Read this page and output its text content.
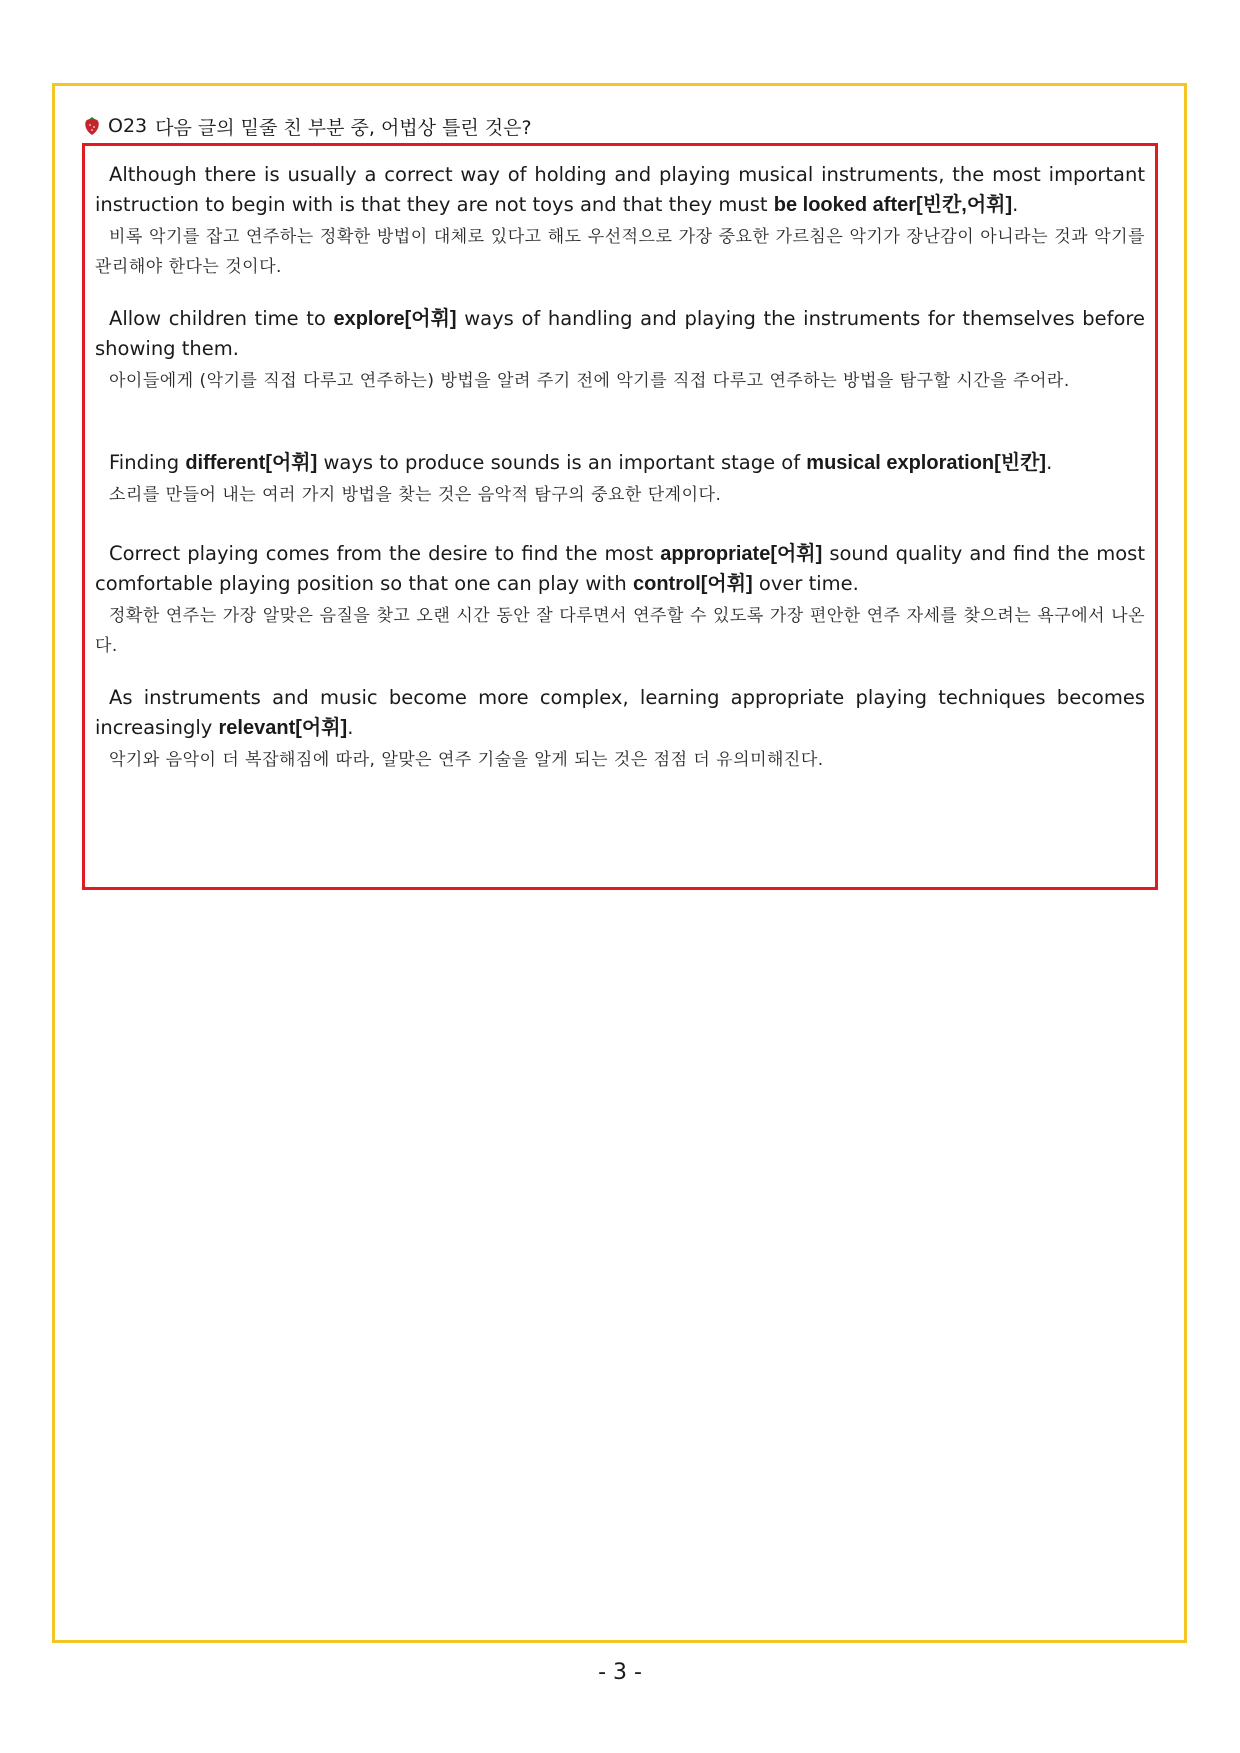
O23 다음 글의 밑줄 친 부분 중, 어법상 틀린 것은?

Although there is usually a correct way of holding and playing musical instruments, the most important instruction to begin with is that they are not toys and that they must be looked after[빈칸,어휘].

비록 악기를 잡고 연주하는 정확한 방법이 대체로 있다고 해도 우선적으로 가장 중요한 가르침은 악기가 장난감이 아니라는 것과 악기를 관리해야 한다는 것이다.

Allow children time to explore[어휘] ways of handling and playing the instruments for themselves before showing them.

아이들에게 (악기를 직접 다루고 연주하는) 방법을 알려 주기 전에 악기를 직접 다루고 연주하는 방법을 탐구할 시간을 주어라.

Finding different[어휘] ways to produce sounds is an important stage of musical exploration[빈칸].

소리를 만들어 내는 여러 가지 방법을 찾는 것은 음악적 탐구의 중요한 단계이다.

Correct playing comes from the desire to find the most appropriate[어휘] sound quality and find the most comfortable playing position so that one can play with control[어휘] over time.

정확한 연주는 가장 알맞은 음질을 찾고 오랜 시간 동안 잘 다루면서 연주할 수 있도록 가장 편안한 연주 자세를 찾으려는 욕구에서 나온다.

As instruments and music become more complex, learning appropriate playing techniques becomes increasingly relevant[어휘].

악기와 음악이 더 복잡해짐에 따라, 알맞은 연주 기술을 알게 되는 것은 점점 더 유의미해진다.

- 3 -
